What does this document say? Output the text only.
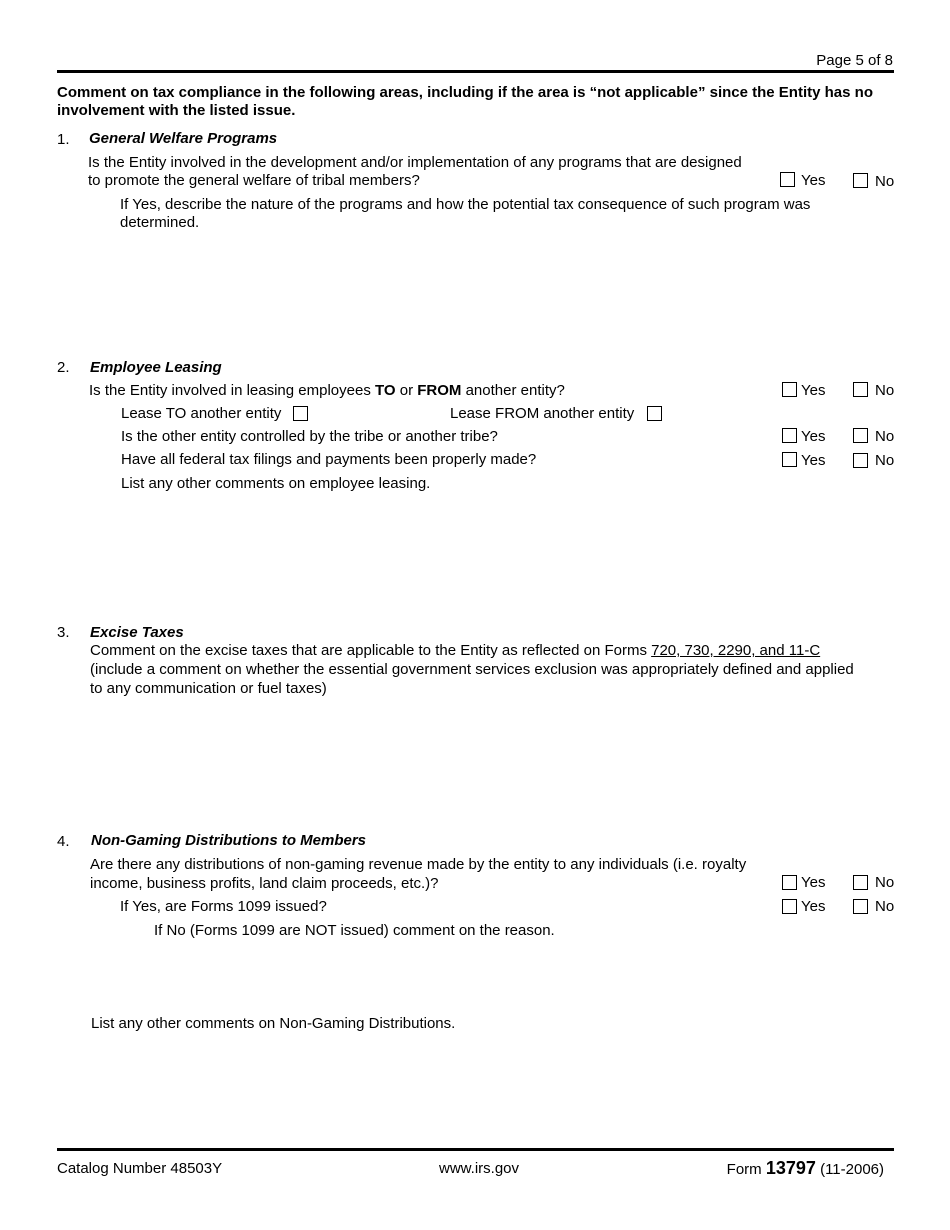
Page 5 of 8
Comment on tax compliance in the following areas, including if the area is “not applicable” since the Entity has no involvement with the listed issue.
1. General Welfare Programs
Is the Entity involved in the development and/or implementation of any programs that are designed
to promote the general welfare of tribal members?	Yes	No
If Yes, describe the nature of the programs and how the potential tax consequence of such program was
determined.
2. Employee Leasing
Is the Entity involved in leasing employees TO or FROM another entity?	Yes	No
Lease TO another entity	Lease FROM another entity
Is the other entity controlled by the tribe or another tribe?	Yes	No
Have all federal tax filings and payments been properly made?	Yes	No
List any other comments on employee leasing.
3. Excise Taxes
Comment on the excise taxes that are applicable to the Entity as reflected on Forms 720, 730, 2290, and 11-C
(include a comment on whether the essential government services exclusion was appropriately defined and applied
to any communication or fuel taxes)
4. Non-Gaming Distributions to Members
Are there any distributions of non-gaming revenue made by the entity to any individuals (i.e. royalty
income, business profits, land claim proceeds, etc.)?	Yes	No
If Yes, are Forms 1099 issued?	Yes	No
If No (Forms 1099 are NOT issued) comment on the reason.
List any other comments on Non-Gaming Distributions.
Catalog Number 48503Y	www.irs.gov	Form 13797 (11-2006)
